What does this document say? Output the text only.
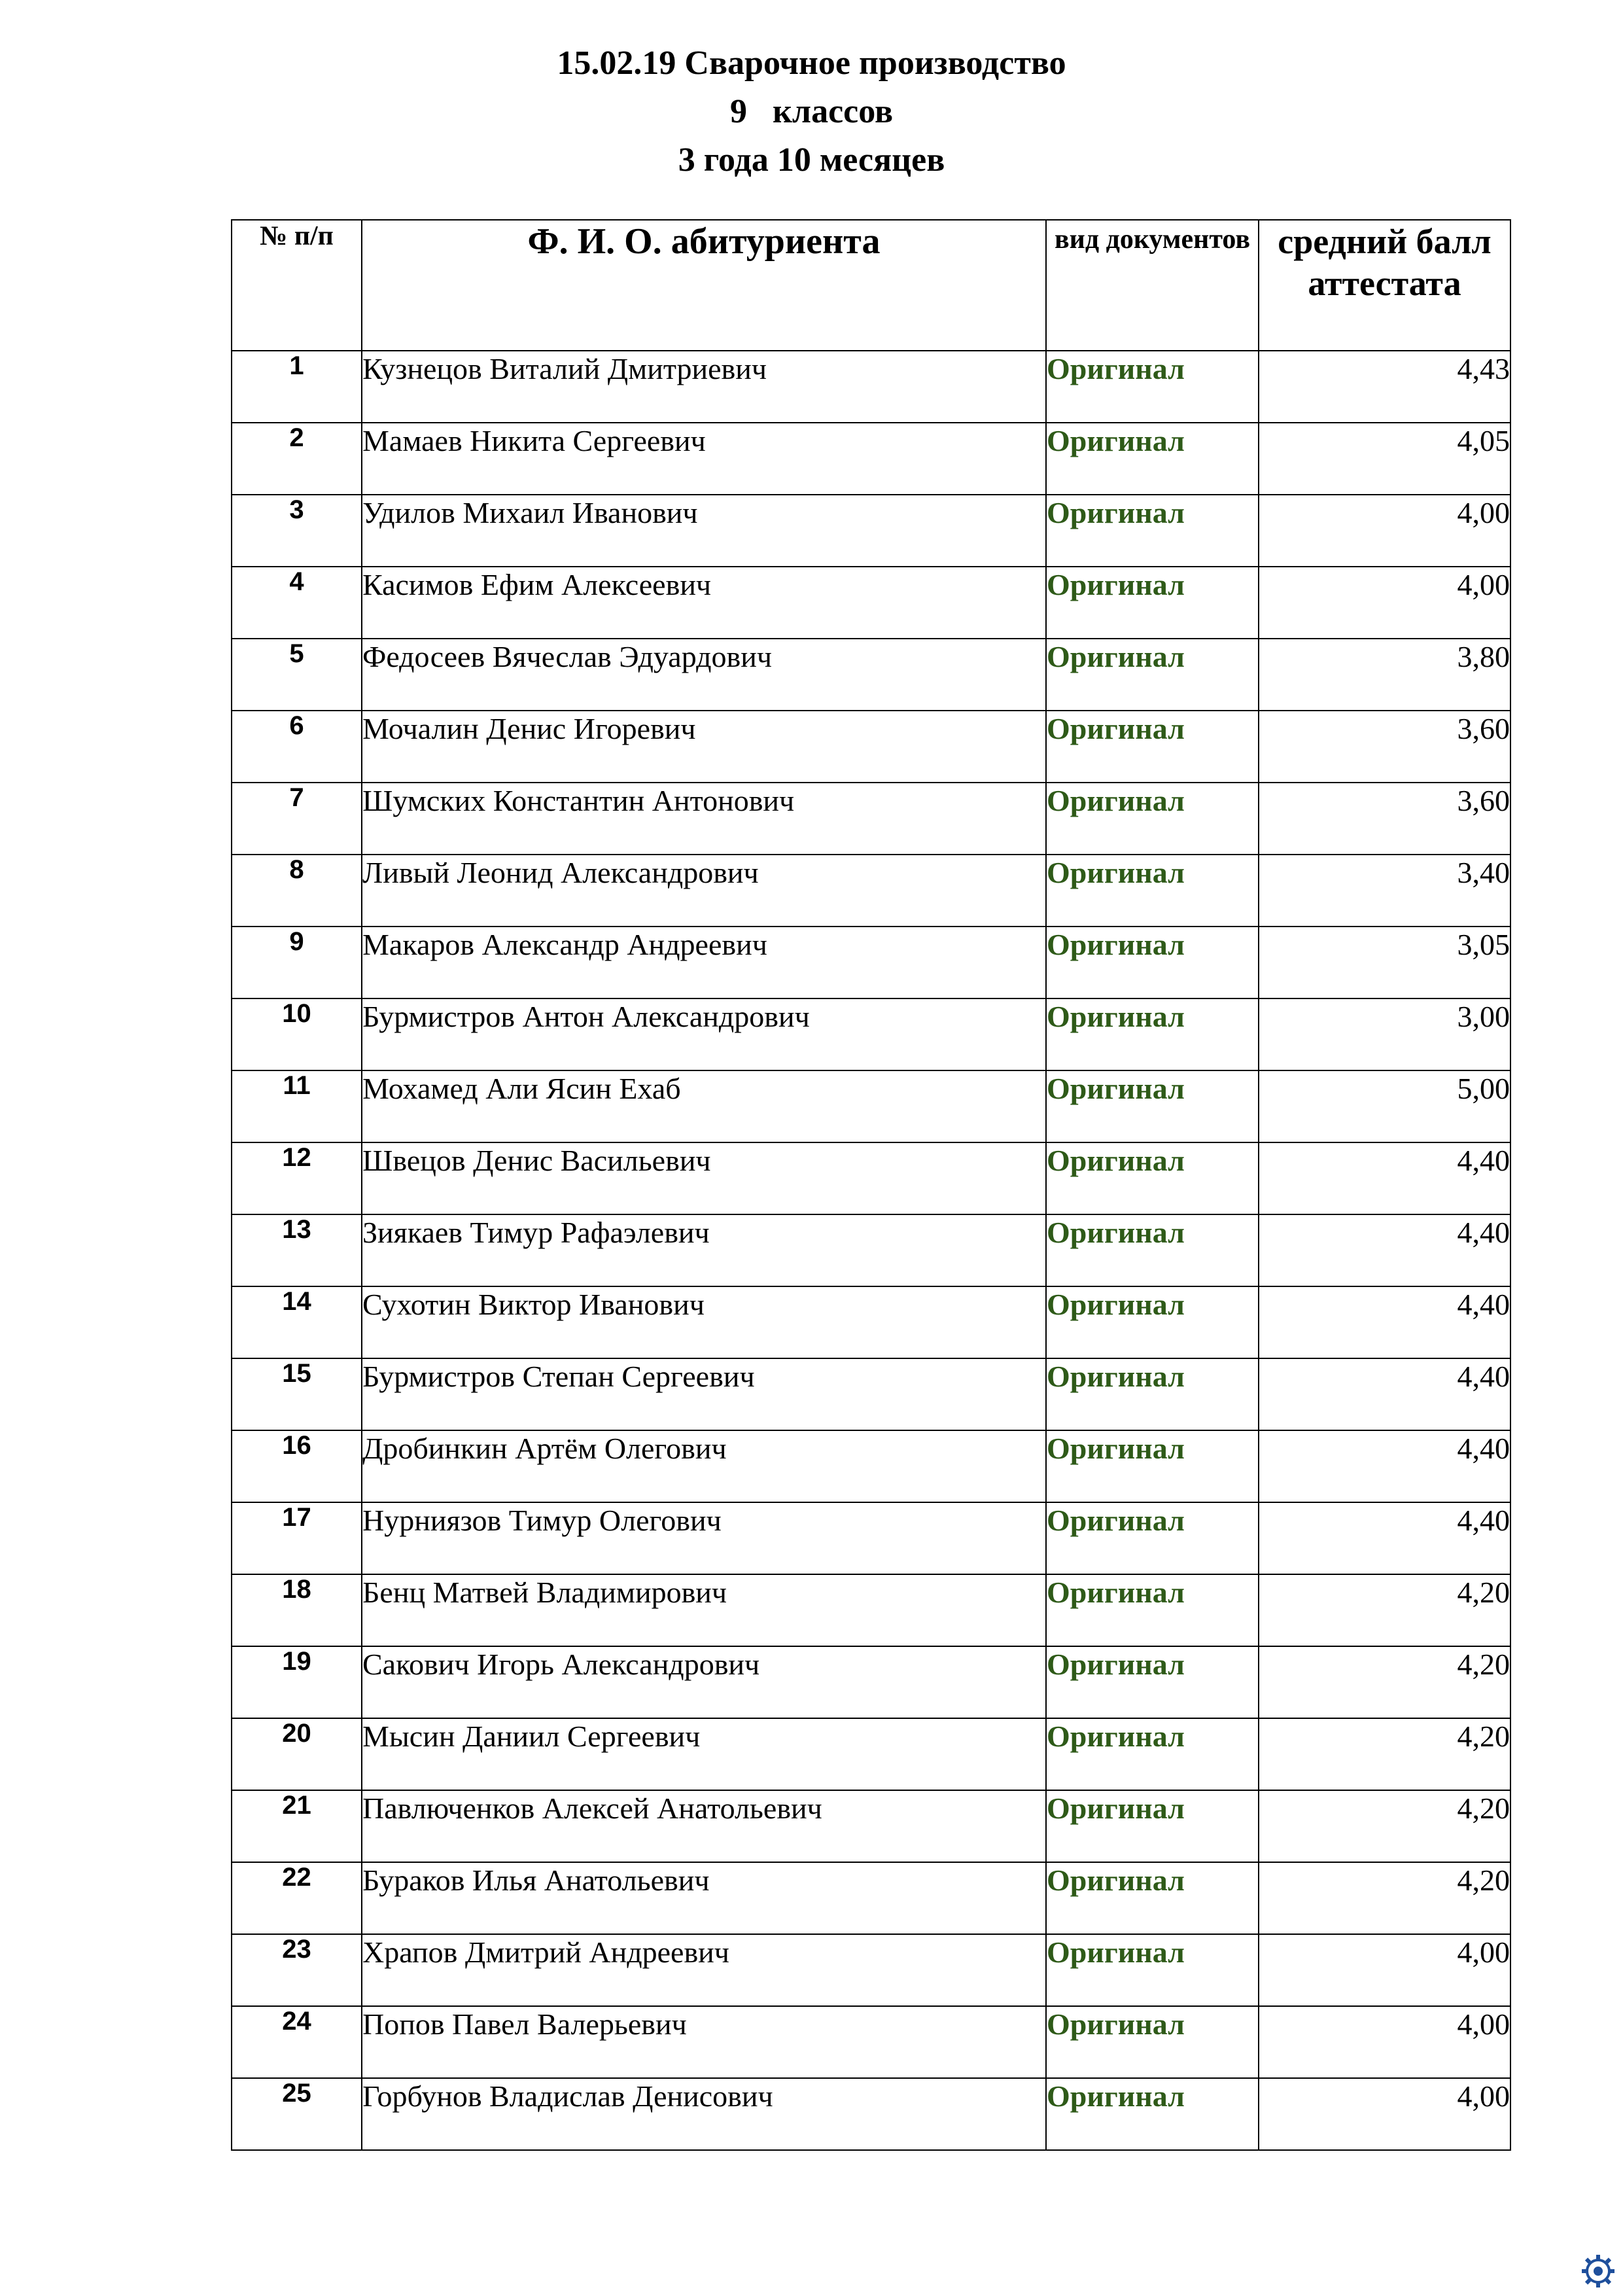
15.02.19 Сварочное производство
9   классов
3 года 10 месяцев
№ п/п	Ф. И. О. абитуриента	вид документов	средний балл аттестата

1	Кузнецов Виталий Дмитриевич	Оригинал	4,43
2	Мамаев Никита Сергеевич	Оригинал	4,05
3	Удилов Михаил Иванович	Оригинал	4,00
4	Касимов Ефим Алексеевич	Оригинал	4,00
5	Федосеев Вячеслав Эдуардович	Оригинал	3,80
6	Мочалин Денис Игоревич	Оригинал	3,60
7	Шумских Константин Антонович	Оригинал	3,60
8	Ливый Леонид Александрович	Оригинал	3,40
9	Макаров Александр Андреевич	Оригинал	3,05
10	Бурмистров Антон Александрович	Оригинал	3,00
11	Мохамед Али Ясин Ехаб	Оригинал	5,00
12	Швецов Денис Васильевич	Оригинал	4,40
13	Зиякаев Тимур Рафаэлевич	Оригинал	4,40
14	Сухотин Виктор Иванович	Оригинал	4,40
15	Бурмистров Степан Сергеевич	Оригинал	4,40
16	Дробинкин Артём Олегович	Оригинал	4,40
17	Нурниязов Тимур Олегович	Оригинал	4,40
18	Бенц Матвей Владимирович	Оригинал	4,20
19	Сакович Игорь Александрович	Оригинал	4,20
20	Мысин Даниил Сергеевич	Оригинал	4,20
21	Павлюченков Алексей Анатольевич	Оригинал	4,20
22	Бураков Илья Анатольевич	Оригинал	4,20
23	Храпов Дмитрий Андреевич	Оригинал	4,00
24	Попов Павел Валерьевич	Оригинал	4,00
25	Горбунов Владислав Денисович	Оригинал	4,00
